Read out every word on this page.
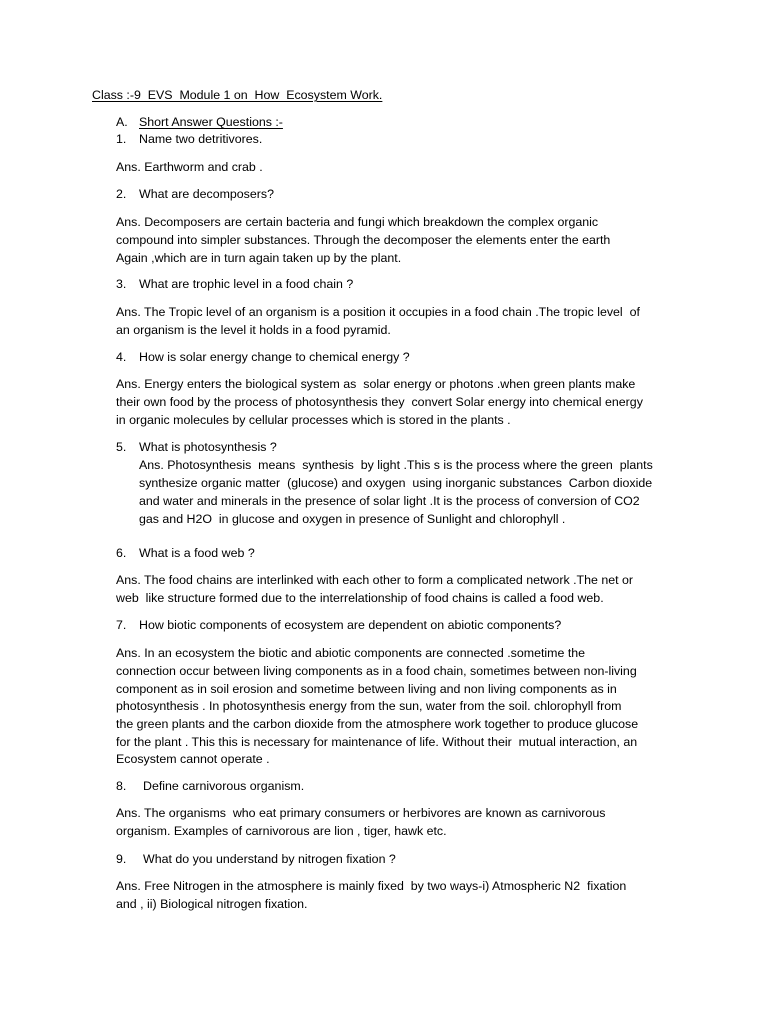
Class :-9  EVS  Module 1 on  How  Ecosystem Work.
A. Short Answer Questions :-
1. Name two detritivores.
Ans. Earthworm and crab .
2. What are decomposers?
Ans. Decomposers are certain bacteria and fungi which breakdown the complex organic
compound into simpler substances. Through the decomposer the elements enter the earth
Again ,which are in turn again taken up by the plant.
3. What are trophic level in a food chain ?
Ans. The Tropic level of an organism is a position it occupies in a food chain .The tropic level  of
an organism is the level it holds in a food pyramid.
4. How is solar energy change to chemical energy ?
Ans. Energy enters the biological system as  solar energy or photons .when green plants make
their own food by the process of photosynthesis they  convert Solar energy into chemical energy
in organic molecules by cellular processes which is stored in the plants .
5. What is photosynthesis ?
Ans. Photosynthesis  means  synthesis  by light .This s is the process where the green  plants
synthesize organic matter  (glucose) and oxygen  using inorganic substances  Carbon dioxide
and water and minerals in the presence of solar light .It is the process of conversion of CO2
gas and H2O  in glucose and oxygen in presence of Sunlight and chlorophyll .
6. What is a food web ?
Ans. The food chains are interlinked with each other to form a complicated network .The net or
web  like structure formed due to the interrelationship of food chains is called a food web.
7. How biotic components of ecosystem are dependent on abiotic components?
Ans. In an ecosystem the biotic and abiotic components are connected .sometime the
connection occur between living components as in a food chain, sometimes between non-living
component as in soil erosion and sometime between living and non living components as in
photosynthesis . In photosynthesis energy from the sun, water from the soil. chlorophyll from
the green plants and the carbon dioxide from the atmosphere work together to produce glucose
for the plant . This this is necessary for maintenance of life. Without their  mutual interaction, an
Ecosystem cannot operate .
8. Define carnivorous organism.
Ans. The organisms  who eat primary consumers or herbivores are known as carnivorous
organism. Examples of carnivorous are lion , tiger, hawk etc.
9. What do you understand by nitrogen fixation ?
Ans. Free Nitrogen in the atmosphere is mainly fixed  by two ways-i) Atmospheric N2  fixation
and , ii) Biological nitrogen fixation.
